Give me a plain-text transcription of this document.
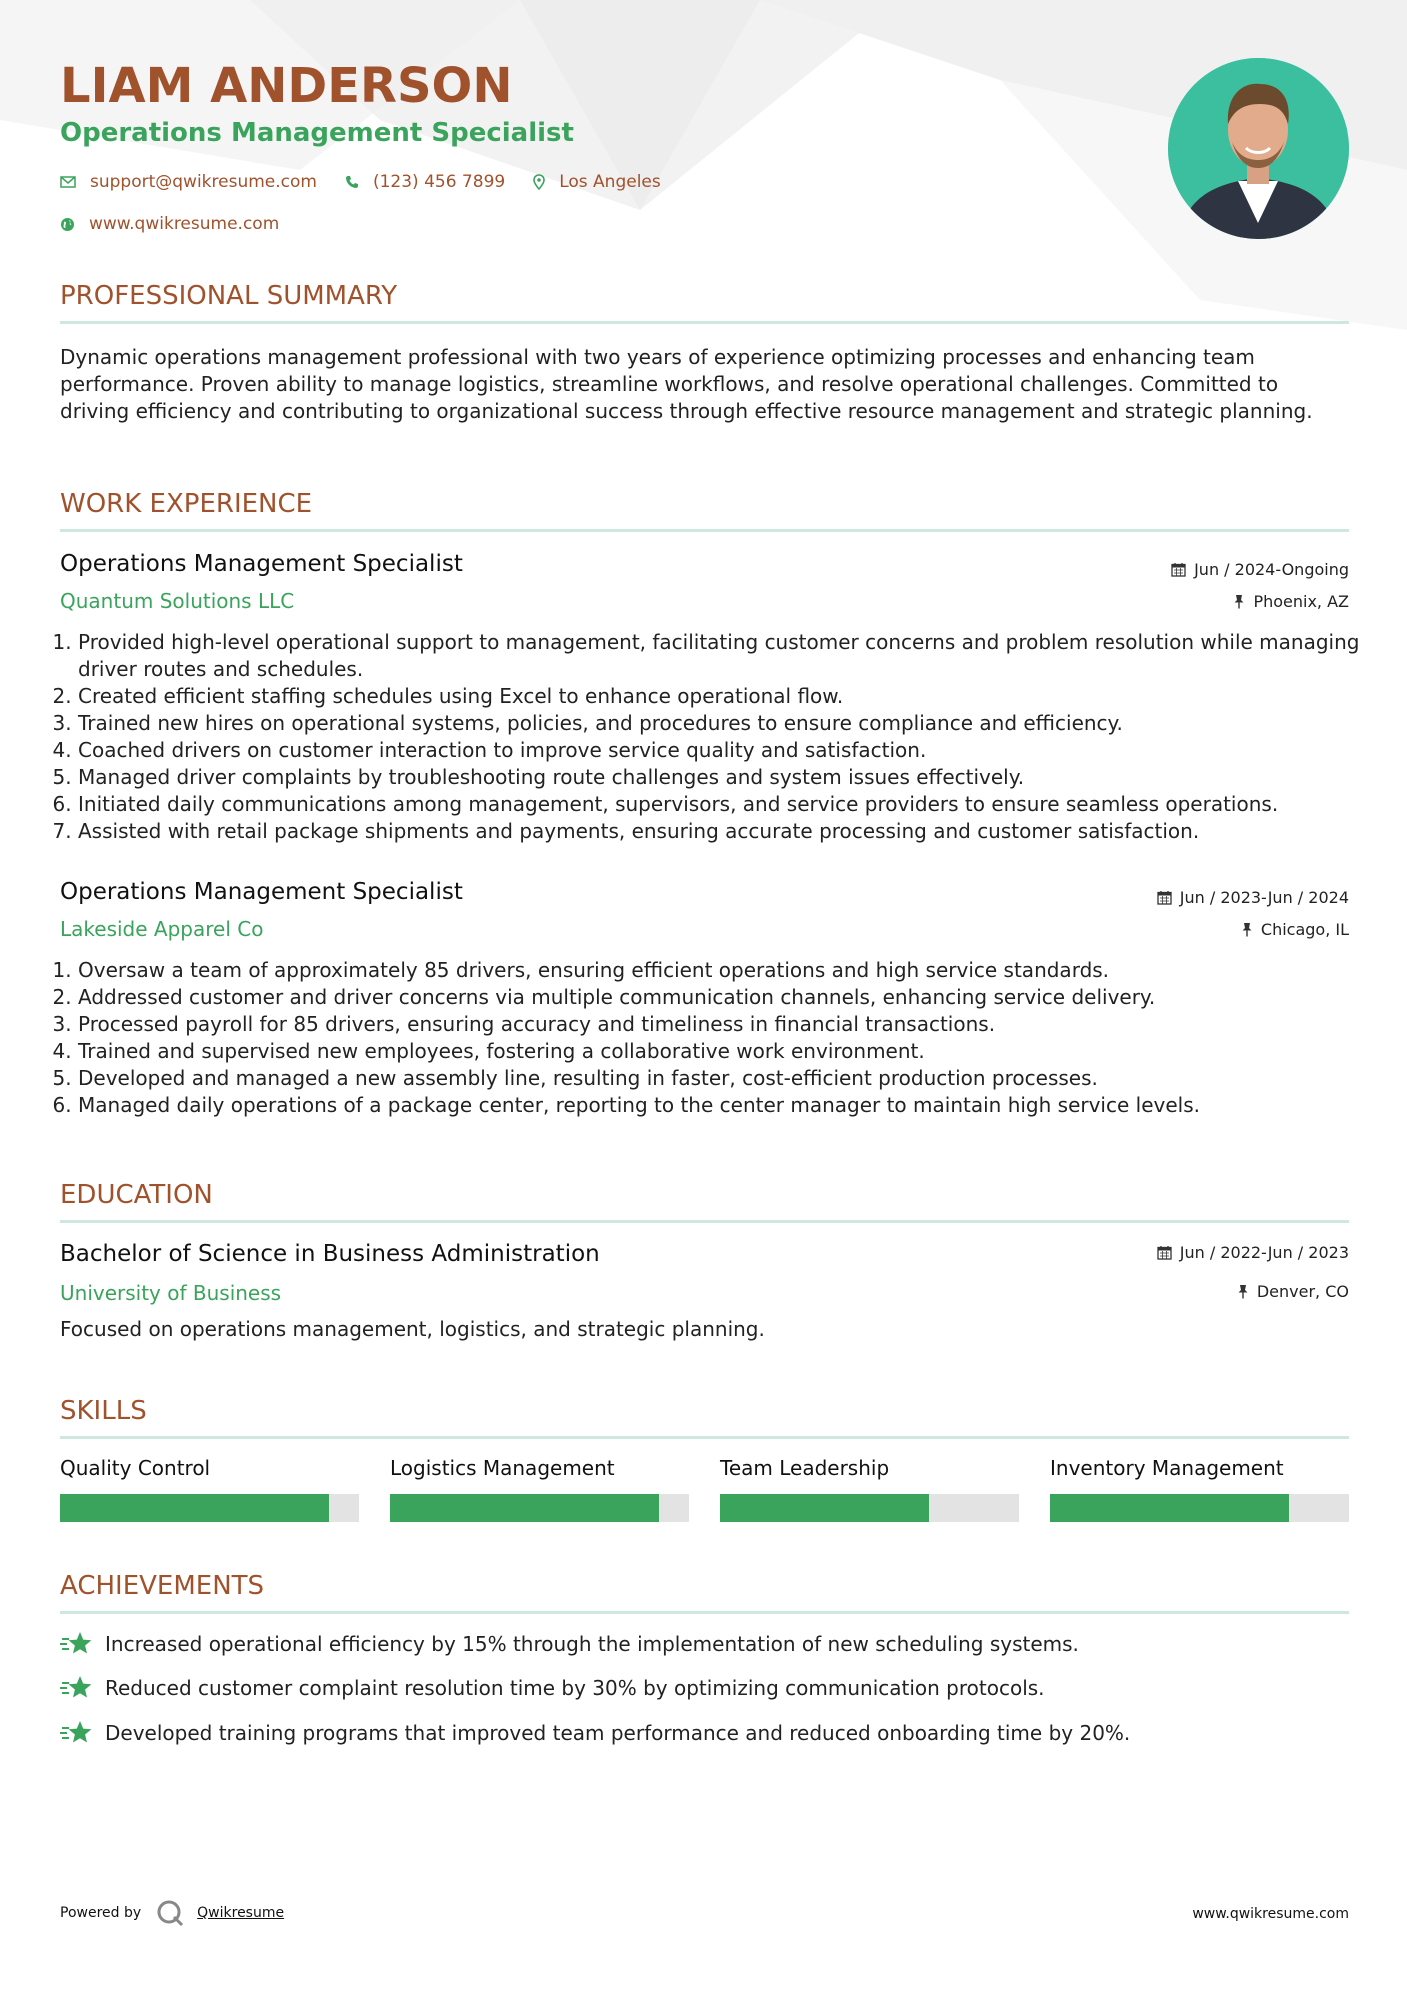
LIAM ANDERSON
Operations Management Specialist
support@qwikresume.com	(123) 456 7899	Los Angeles
www.qwikresume.com
PROFESSIONAL SUMMARY

Dynamic operations management professional with two years of experience optimizing processes and enhancing team performance. Proven ability to manage logistics, streamline workflows, and resolve operational challenges. Committed to driving efficiency and contributing to organizational success through effective resource management and strategic planning.

WORK EXPERIENCE
Operations Management Specialist
Quantum Solutions LLC
Jun / 2024-Ongoing
Phoenix, AZ
1. Provided high-level operational support to management, facilitating customer concerns and problem resolution while managing driver routes and schedules.
2. Created efficient staffing schedules using Excel to enhance operational flow.
3. Trained new hires on operational systems, policies, and procedures to ensure compliance and efficiency.
4. Coached drivers on customer interaction to improve service quality and satisfaction.
5. Managed driver complaints by troubleshooting route challenges and system issues effectively.
6. Initiated daily communications among management, supervisors, and service providers to ensure seamless operations.
7. Assisted with retail package shipments and payments, ensuring accurate processing and customer satisfaction.
Operations Management Specialist
Lakeside Apparel Co
Jun / 2023-Jun / 2024
Chicago, IL
1. Oversaw a team of approximately 85 drivers, ensuring efficient operations and high service standards.
2. Addressed customer and driver concerns via multiple communication channels, enhancing service delivery.
3. Processed payroll for 85 drivers, ensuring accuracy and timeliness in financial transactions.
4. Trained and supervised new employees, fostering a collaborative work environment.
5. Developed and managed a new assembly line, resulting in faster, cost-efficient production processes.
6. Managed daily operations of a package center, reporting to the center manager to maintain high service levels.
EDUCATION
Bachelor of Science in Business Administration
University of Business
Jun / 2022-Jun / 2023
Denver, CO

Focused on operations management, logistics, and strategic planning.

SKILLS
Quality Control	Logistics Management	Team Leadership	Inventory Management
ACHIEVEMENTS
Increased operational efficiency by 15% through the implementation of new scheduling systems.
Reduced customer complaint resolution time by 30% by optimizing communication protocols.
Developed training programs that improved team performance and reduced onboarding time by 20%.
Powered by	Qwikresume	www.qwikresume.com
